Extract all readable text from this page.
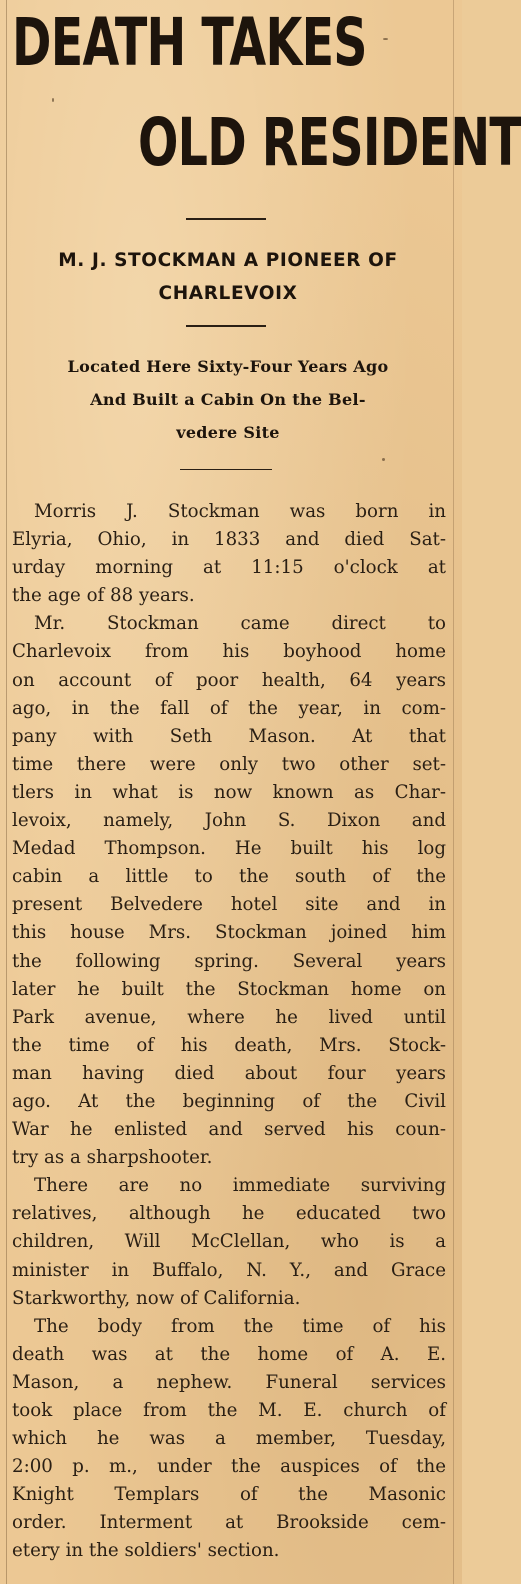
DEATH TAKES
OLD RESIDENT
M. J. STOCKMAN A PIONEER OF
CHARLEVOIX
Located Here Sixty-Four Years Ago
And Built a Cabin On the Bel-
vedere Site
Morris J. Stockman was born in
Elyria, Ohio, in 1833 and died Sat-
urday morning at 11:15 o'clock at
the age of 88 years.
Mr. Stockman came direct to
Charlevoix from his boyhood home
on account of poor health, 64 years
ago, in the fall of the year, in com-
pany with Seth Mason. At that
time there were only two other set-
tlers in what is now known as Char-
levoix, namely, John S. Dixon and
Medad Thompson. He built his log
cabin a little to the south of the
present Belvedere hotel site and in
this house Mrs. Stockman joined him
the following spring. Several years
later he built the Stockman home on
Park avenue, where he lived until
the time of his death, Mrs. Stock-
man having died about four years
ago. At the beginning of the Civil
War he enlisted and served his coun-
try as a sharpshooter.
There are no immediate surviving
relatives, although he educated two
children, Will McClellan, who is a
minister in Buffalo, N. Y., and Grace
Starkworthy, now of California.
The body from the time of his
death was at the home of A. E.
Mason, a nephew. Funeral services
took place from the M. E. church of
which he was a member, Tuesday,
2:00 p. m., under the auspices of the
Knight Templars of the Masonic
order. Interment at Brookside cem-
etery in the soldiers' section.
